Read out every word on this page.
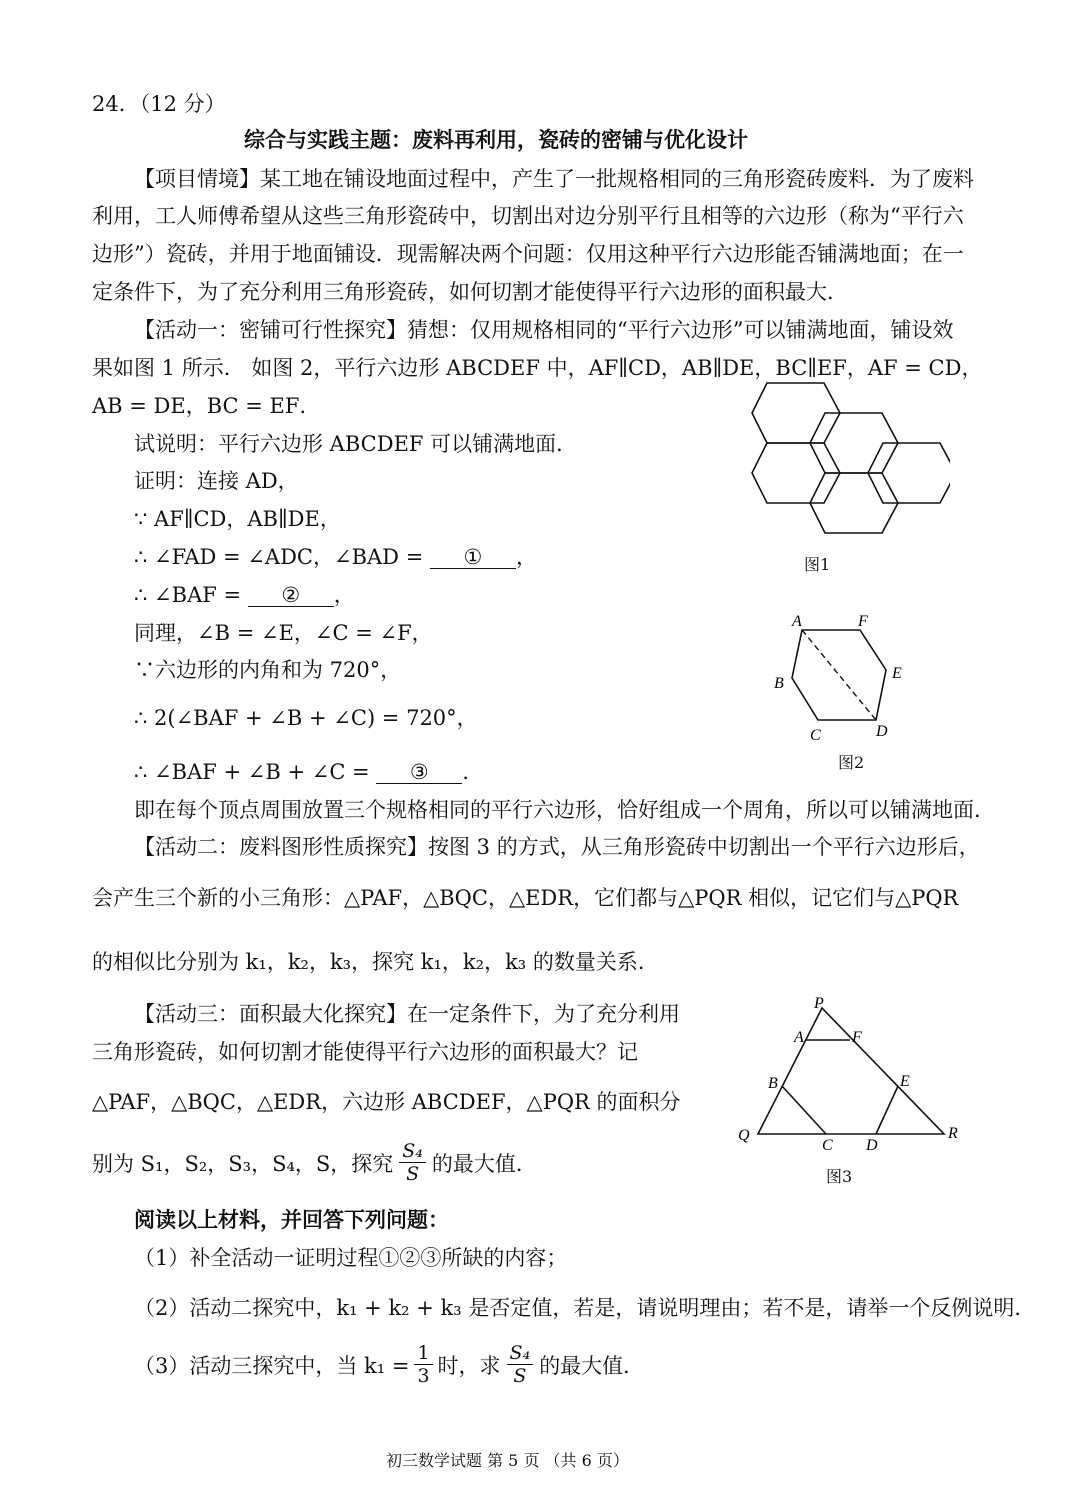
24．（12 分）
综合与实践主题：废料再利用，瓷砖的密铺与优化设计
【项目情境】某工地在铺设地面过程中，产生了一批规格相同的三角形瓷砖废料．为了废料
利用，工人师傅希望从这些三角形瓷砖中，切割出对边分别平行且相等的六边形（称为“平行六
边形”）瓷砖，并用于地面铺设．现需解决两个问题：仅用这种平行六边形能否铺满地面；在一
定条件下，为了充分利用三角形瓷砖，如何切割才能使得平行六边形的面积最大．
【活动一：密铺可行性探究】猜想：仅用规格相同的“平行六边形”可以铺满地面，铺设效
果如图 1 所示． 如图 2，平行六边形 ABCDEF 中，AF∥CD，AB∥DE，BC∥EF，AF = CD，
AB = DE，BC = EF．
试说明：平行六边形 ABCDEF 可以铺满地面．
证明：连接 AD，
∵ AF∥CD，AB∥DE，
∴ ∠FAD = ∠ADC，∠BAD = ① ，
∴ ∠BAF = ② ，
同理，∠B = ∠E，∠C = ∠F，
∵六边形的内角和为 720°，
∴ 2(∠BAF + ∠B + ∠C) = 720°，
∴ ∠BAF + ∠B + ∠C = ③ ．
即在每个顶点周围放置三个规格相同的平行六边形，恰好组成一个周角，所以可以铺满地面．
【活动二：废料图形性质探究】按图 3 的方式，从三角形瓷砖中切割出一个平行六边形后，
会产生三个新的小三角形：△PAF，△BQC，△EDR，它们都与△PQR 相似，记它们与△PQR
的相似比分别为 k₁，k₂，k₃，探究 k₁，k₂，k₃ 的数量关系．
【活动三：面积最大化探究】在一定条件下，为了充分利用
三角形瓷砖，如何切割才能使得平行六边形的面积最大？记
△PAF，△BQC，△EDR，六边形 ABCDEF，△PQR 的面积分
别为 S₁，S₂，S₃，S₄，S，探究 $\frac{\text{S₄}}{S}$ 的最大值．
阅读以上材料，并回答下列问题：
（1）补全活动一证明过程①②③所缺的内容；
（2）活动二探究中，k₁ + k₂ + k₃ 是否定值，若是，请说明理由；若不是，请举一个反例说明．
（3）活动三探究中，当 $k_1 = \frac{1}{3}$ 时，求 $\frac{\text{S₄}}{S}$ 的最大值．
初三数学试题 第 5 页 （共 6 页）
图1
A	F
E
D
C
B
图2
P
A	F
B	E
Q
C D
R
图3
